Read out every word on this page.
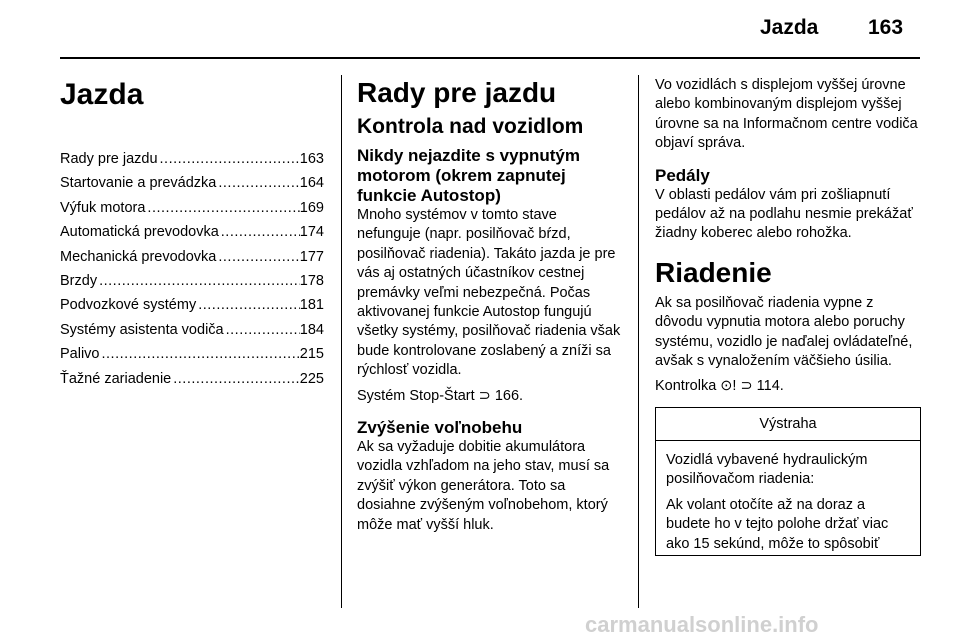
Jazda 163
Jazda
Rady pre jazdu .....	163
Startovanie a prevádzka .....	164
Výfuk motora .....	169
Automatická prevodovka .....	174
Mechanická prevodovka .....	177
Brzdy .....	178
Podvozkové systémy .....	181
Systémy asistenta vodiča .....	184
Palivo .....	215
Ťažné zariadenie .....	225
Rady pre jazdu
Kontrola nad vozidlom
Nikdy nejazdite s vypnutým motorom (okrem zapnutej funkcie Autostop)

Mnoho systémov v tomto stave nefunguje (napr. posilňovač bŕzd, posilňovač riadenia). Takáto jazda je pre vás aj ostatných účastníkov cestnej premávky veľmi nebezpečná. Počas aktivovanej funkcie Autostop fungujú všetky systémy, posilňovač riadenia však bude kontrolovane zoslabený a zníži sa rýchlosť vozidla.

Systém Stop-Štart ⊃ 166.

Zvýšenie voľnobehu

Ak sa vyžaduje dobitie akumulátora vozidla vzhľadom na jeho stav, musí sa zvýšiť výkon generátora. Toto sa dosiahne zvýšeným voľnobehom, ktorý môže mať vyšší hluk.

Vo vozidlách s displejom vyššej úrovne alebo kombinovaným displejom vyššej úrovne sa na Informačnom centre vodiča objaví správa.

Pedály

V oblasti pedálov vám pri zošliapnutí pedálov až na podlahu nesmie prekážať žiadny koberec alebo rohožka.

Riadenie

Ak sa posilňovač riadenia vypne z dôvodu vypnutia motora alebo poruchy systému, vozidlo je naďalej ovládateľné, avšak s vynaložením väčšieho úsilia.

Kontrolka ⊙! ⊃ 114.

Výstraha

Vozidlá vybavené hydraulickým posilňovačom riadenia:

Ak volant otočíte až na doraz a budete ho v tejto polohe držať viac ako 15 sekúnd, môže to spôsobiť

carmanualsonline.info
